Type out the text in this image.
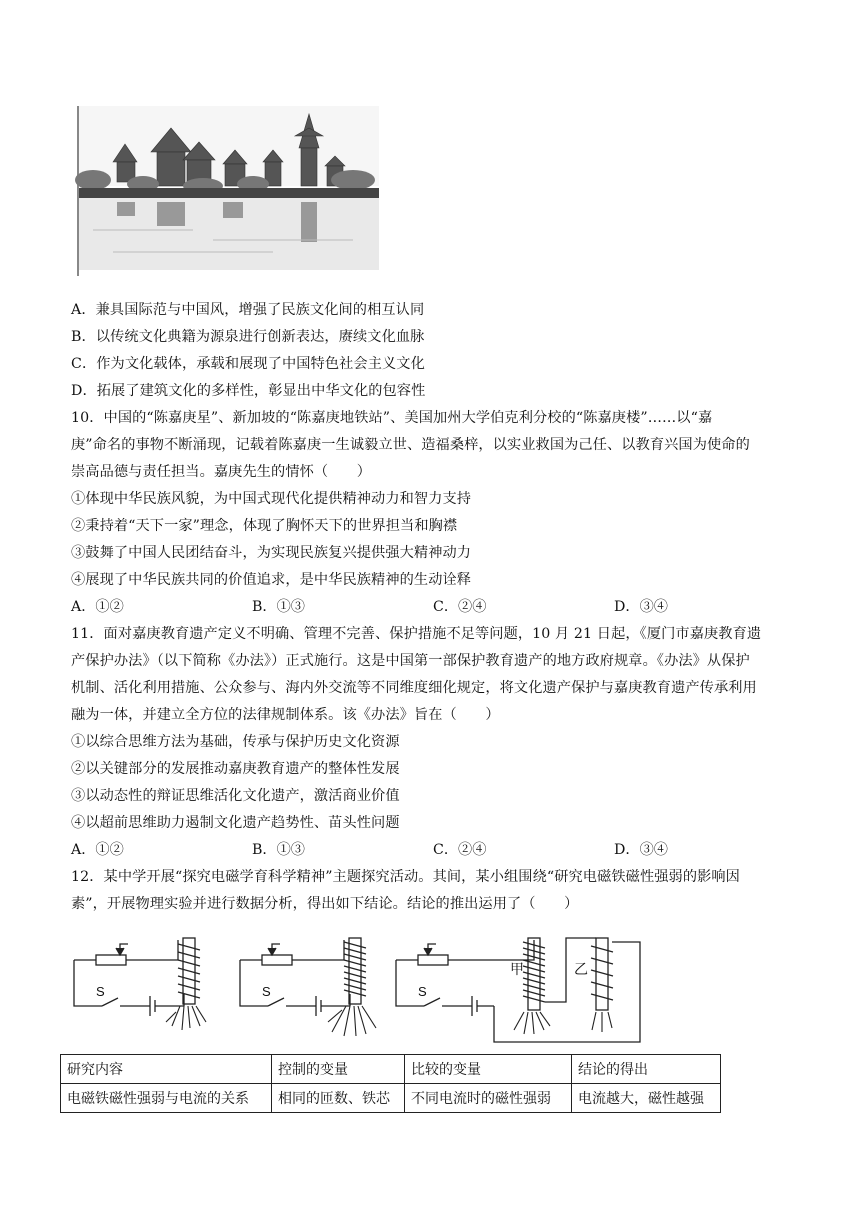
A．兼具国际范与中国风，增强了民族文化间的相互认同
B．以传统文化典籍为源泉进行创新表达，赓续文化血脉
C．作为文化载体，承载和展现了中国特色社会主义文化
D．拓展了建筑文化的多样性，彰显出中华文化的包容性
10．中国的“陈嘉庚星”、新加坡的“陈嘉庚地铁站”、美国加州大学伯克利分校的“陈嘉庚楼”……以“嘉
庚”命名的事物不断涌现，记载着陈嘉庚一生诚毅立世、造福桑梓，以实业救国为己任、以教育兴国为使命的
崇高品德与责任担当。嘉庚先生的情怀（　　）
①体现中华民族风貌，为中国式现代化提供精神动力和智力支持
②秉持着“天下一家”理念，体现了胸怀天下的世界担当和胸襟
③鼓舞了中国人民团结奋斗，为实现民族复兴提供强大精神动力
④展现了中华民族共同的价值追求，是中华民族精神的生动诠释
A．①②	B．①③	C．②④	D．③④
11．面对嘉庚教育遗产定义不明确、管理不完善、保护措施不足等问题，10 月 21 日起，《厦门市嘉庚教育遗
产保护办法》（以下简称《办法》）正式施行。这是中国第一部保护教育遗产的地方政府规章。《办法》从保护
机制、活化利用措施、公众参与、海内外交流等不同维度细化规定，将文化遗产保护与嘉庚教育遗产传承利用
融为一体，并建立全方位的法律规制体系。该《办法》旨在（　　）
①以综合思维方法为基础，传承与保护历史文化资源
②以关键部分的发展推动嘉庚教育遗产的整体性发展
③以动态性的辩证思维活化文化遗产，激活商业价值
④以超前思维助力遏制文化遗产趋势性、苗头性问题
A．①②	B．①③	C．②④	D．③④
12．某中学开展“探究电磁学育科学精神”主题探究活动。其间，某小组围绕“研究电磁铁磁性强弱的影响因
素”，开展物理实验并进行数据分析，得出如下结论。结论的推出运用了（　　）
S	S	S
甲	乙
研究内容	控制的变量	比较的变量	结论的得出
电磁铁磁性强弱与电流的关系	相同的匝数、铁芯	不同电流时的磁性强弱	电流越大，磁性越强
